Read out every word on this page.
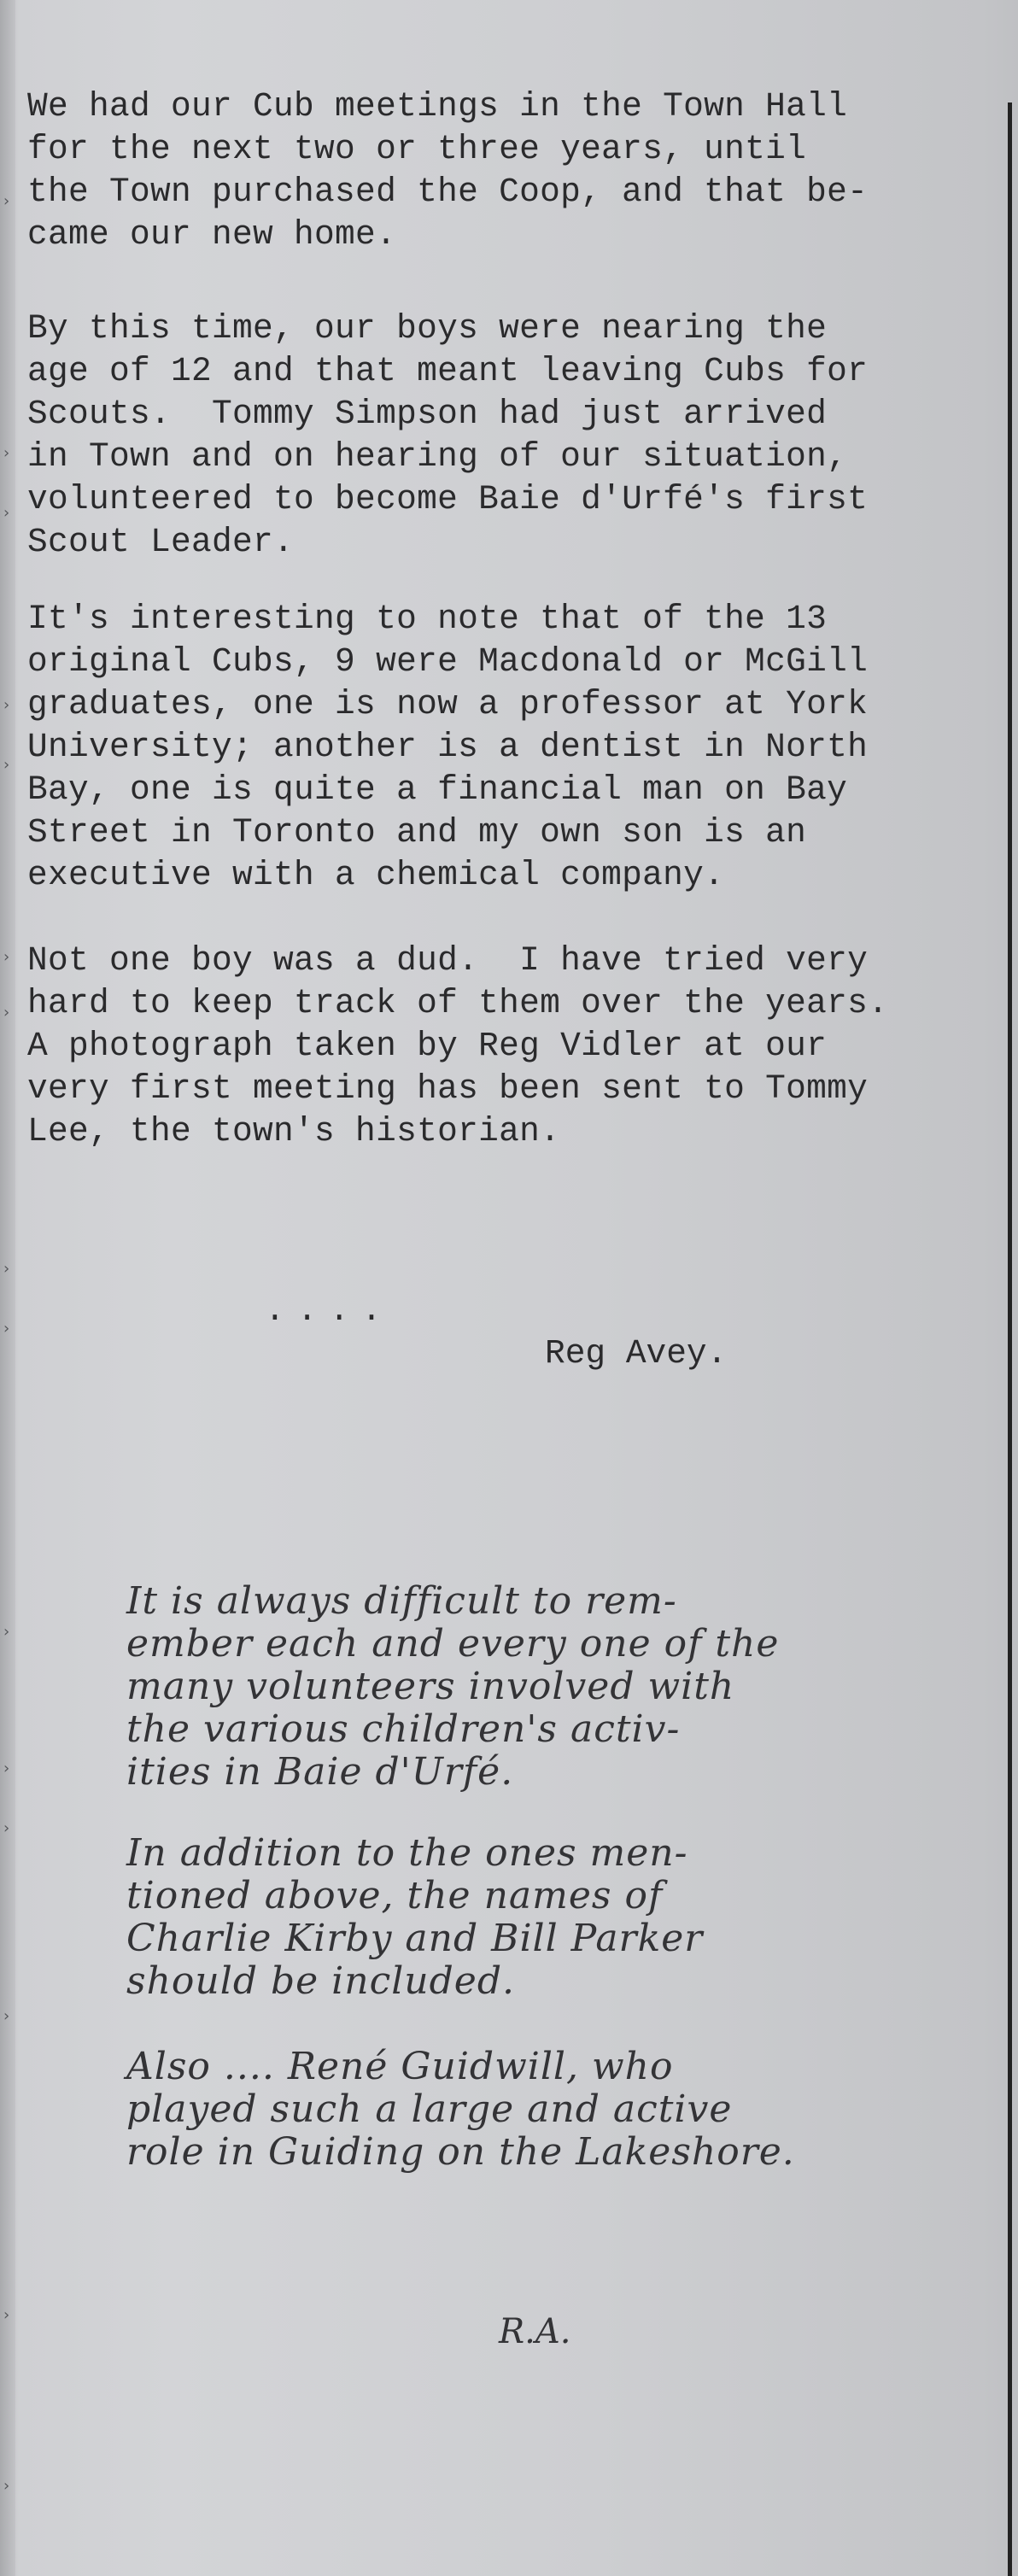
›
›
›
›
›
›
›
›
›
›
›
›
›
›
›

We had our Cub meetings in the Town Hall
for the next two or three years, until
the Town purchased the Coop, and that be-
came our new home.

By this time, our boys were nearing the
age of 12 and that meant leaving Cubs for
Scouts.  Tommy Simpson had just arrived
in Town and on hearing of our situation,
volunteered to become Baie d'Urfé's first
Scout Leader.

It's interesting to note that of the 13
original Cubs, 9 were Macdonald or McGill
graduates, one is now a professor at York
University; another is a dentist in North
Bay, one is quite a financial man on Bay
Street in Toronto and my own son is an
executive with a chemical company.

Not one boy was a dud.  I have tried very
hard to keep track of them over the years.
A photograph taken by Reg Vidler at our
very first meeting has been sent to Tommy
Lee, the town's historian.

....

Reg Avey.

It is always difficult to rem-
ember each and every one of the
many volunteers involved with
the various children's activ-
ities in Baie d'Urfé.

In addition to the ones men-
tioned above, the names of
Charlie Kirby and Bill Parker
should be included.

Also .... René Guidwill, who
played such a large and active
role in Guiding on the Lakeshore.

R.A.
